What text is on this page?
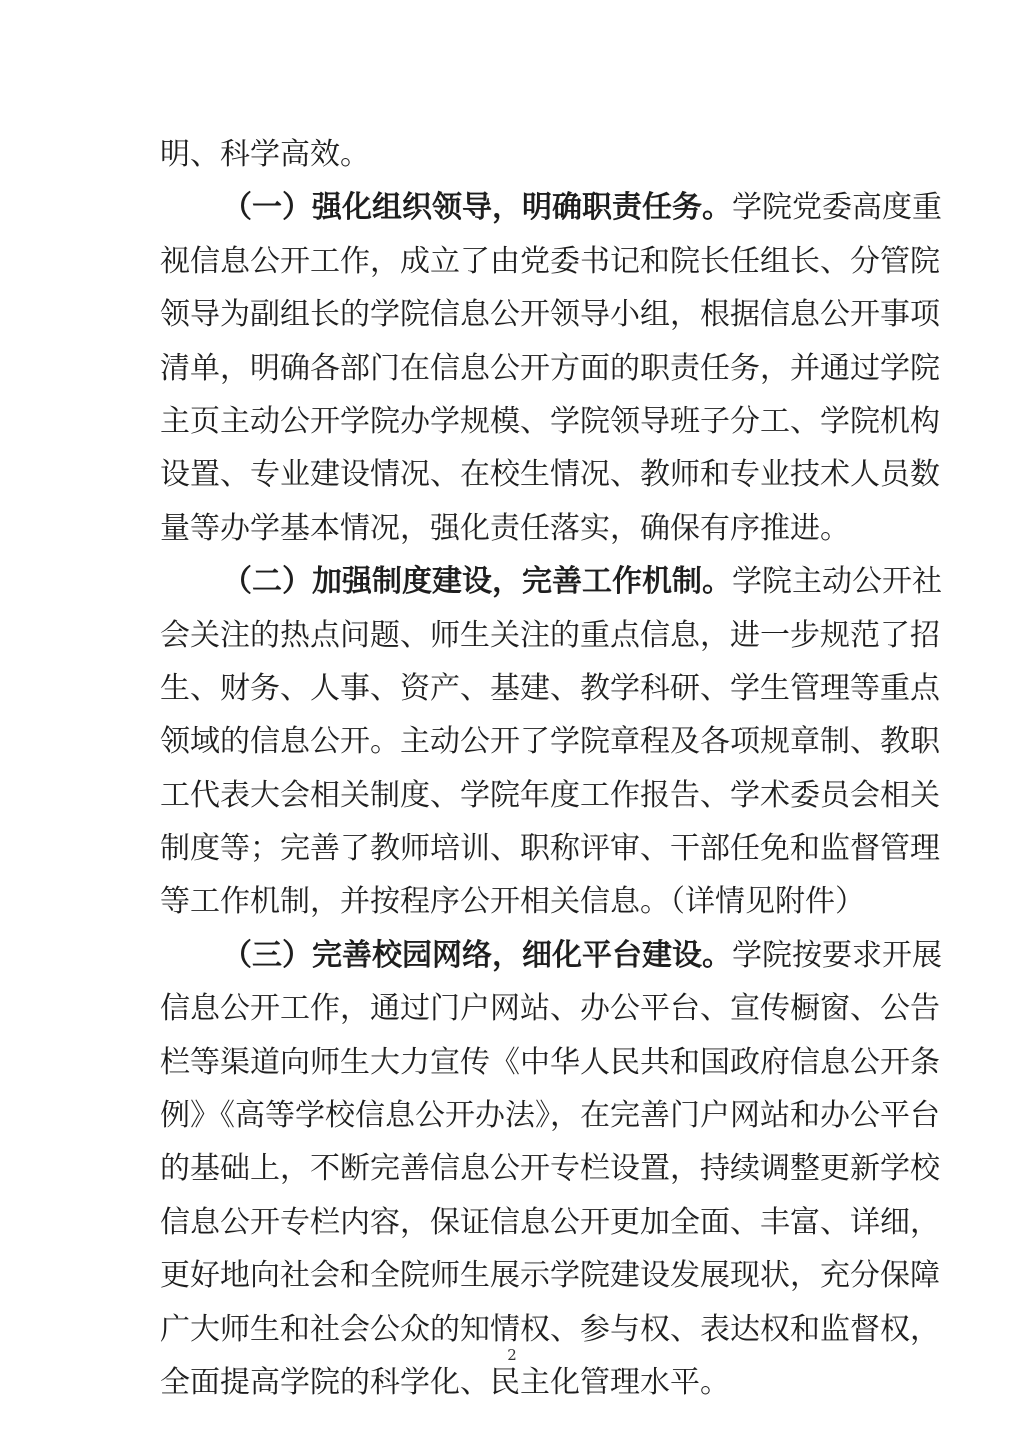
明、科学高效。
（一）强化组织领导，明确职责任务。学院党委高度重
视信息公开工作，成立了由党委书记和院长任组长、分管院
领导为副组长的学院信息公开领导小组，根据信息公开事项
清单，明确各部门在信息公开方面的职责任务，并通过学院
主页主动公开学院办学规模、学院领导班子分工、学院机构
设置、专业建设情况、在校生情况、教师和专业技术人员数
量等办学基本情况，强化责任落实，确保有序推进。
（二）加强制度建设，完善工作机制。学院主动公开社
会关注的热点问题、师生关注的重点信息，进一步规范了招
生、财务、人事、资产、基建、教学科研、学生管理等重点
领域的信息公开。主动公开了学院章程及各项规章制、教职
工代表大会相关制度、学院年度工作报告、学术委员会相关
制度等；完善了教师培训、职称评审、干部任免和监督管理
等工作机制，并按程序公开相关信息。（详情见附件）
（三）完善校园网络，细化平台建设。学院按要求开展
信息公开工作，通过门户网站、办公平台、宣传橱窗、公告
栏等渠道向师生大力宣传《中华人民共和国政府信息公开条
例》《高等学校信息公开办法》，在完善门户网站和办公平台
的基础上，不断完善信息公开专栏设置，持续调整更新学校
信息公开专栏内容，保证信息公开更加全面、丰富、详细，
更好地向社会和全院师生展示学院建设发展现状，充分保障
广大师生和社会公众的知情权、参与权、表达权和监督权，
全面提高学院的科学化、民主化管理水平。
2
